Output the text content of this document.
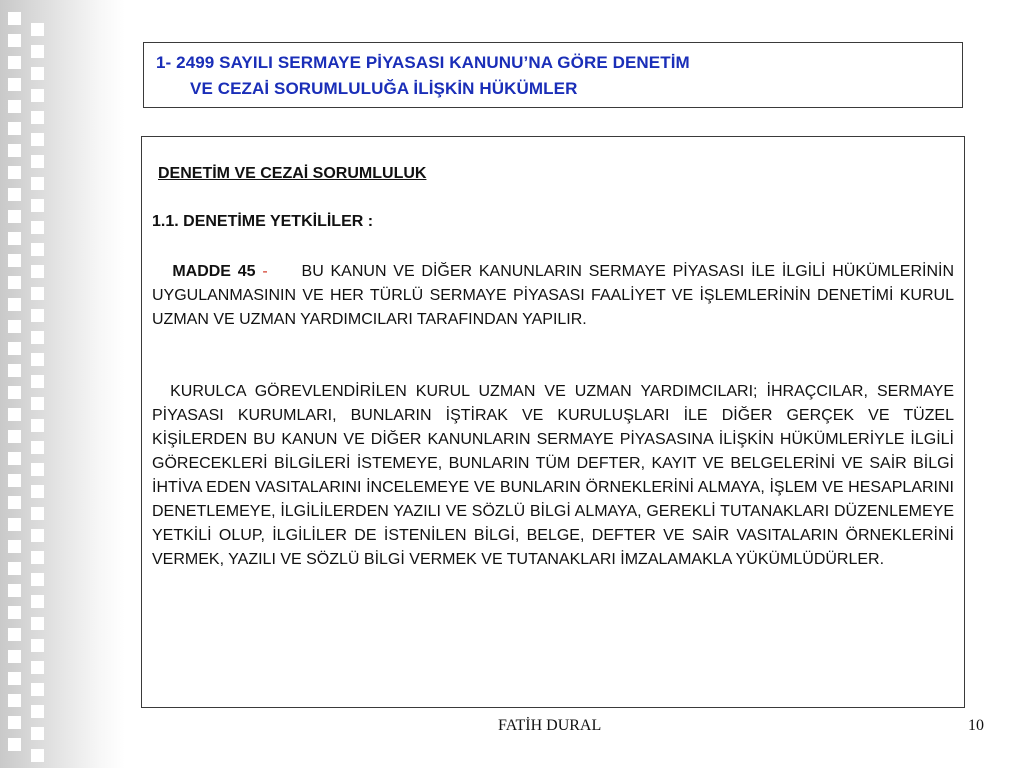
1- 2499 SAYILI SERMAYE PİYASASI KANUNU’NA GÖRE DENETİM
VE CEZAİ SORUMLULUĞA İLİŞKİN HÜKÜMLER
DENETİM VE CEZAİ SORUMLULUK
1.1. DENETİME YETKİLİLER :
MADDE 45 - BU KANUN VE DİĞER KANUNLARIN SERMAYE PİYASASI İLE İLGİLİ HÜKÜMLERİNİN UYGULANMASININ VE HER TÜRLÜ SERMAYE PİYASASI FAALİYET VE İŞLEMLERİNİN DENETİMİ KURUL UZMAN VE UZMAN YARDIMCILARI TARAFINDAN YAPILIR.
KURULCA GÖREVLENDİRİLEN KURUL UZMAN VE UZMAN YARDIMCILARI; İHRAÇCILAR, SERMAYE PİYASASI KURUMLARI, BUNLARIN İŞTİRAK VE KURULUŞLARI İLE DİĞER GERÇEK VE TÜZEL KİŞİLERDEN BU KANUN VE DİĞER KANUNLARIN SERMAYE PİYASASINA İLİŞKİN HÜKÜMLERİYLE İLGİLİ GÖRECEKLERİ BİLGİLERİ İSTEMEYE, BUNLARIN TÜM DEFTER, KAYIT VE BELGELERİNİ VE SAİR BİLGİ İHTİVA EDEN VASITALARINI İNCELEMEYE VE BUNLARIN ÖRNEKLERİNİ ALMAYA, İŞLEM VE HESAPLARINI DENETLEMEYE, İLGİLİLERDEN YAZILI VE SÖZLÜ BİLGİ ALMAYA, GEREKLİ TUTANAKLARI DÜZENLEMEYE YETKİLİ OLUP, İLGİLİLER DE İSTENİLEN BİLGİ, BELGE, DEFTER VE SAİR VASITALARIN ÖRNEKLERİNİ VERMEK, YAZILI VE SÖZLÜ BİLGİ VERMEK VE TUTANAKLARI İMZALAMAKLA YÜKÜMLÜDÜRLER.
FATİH DURAL	10
